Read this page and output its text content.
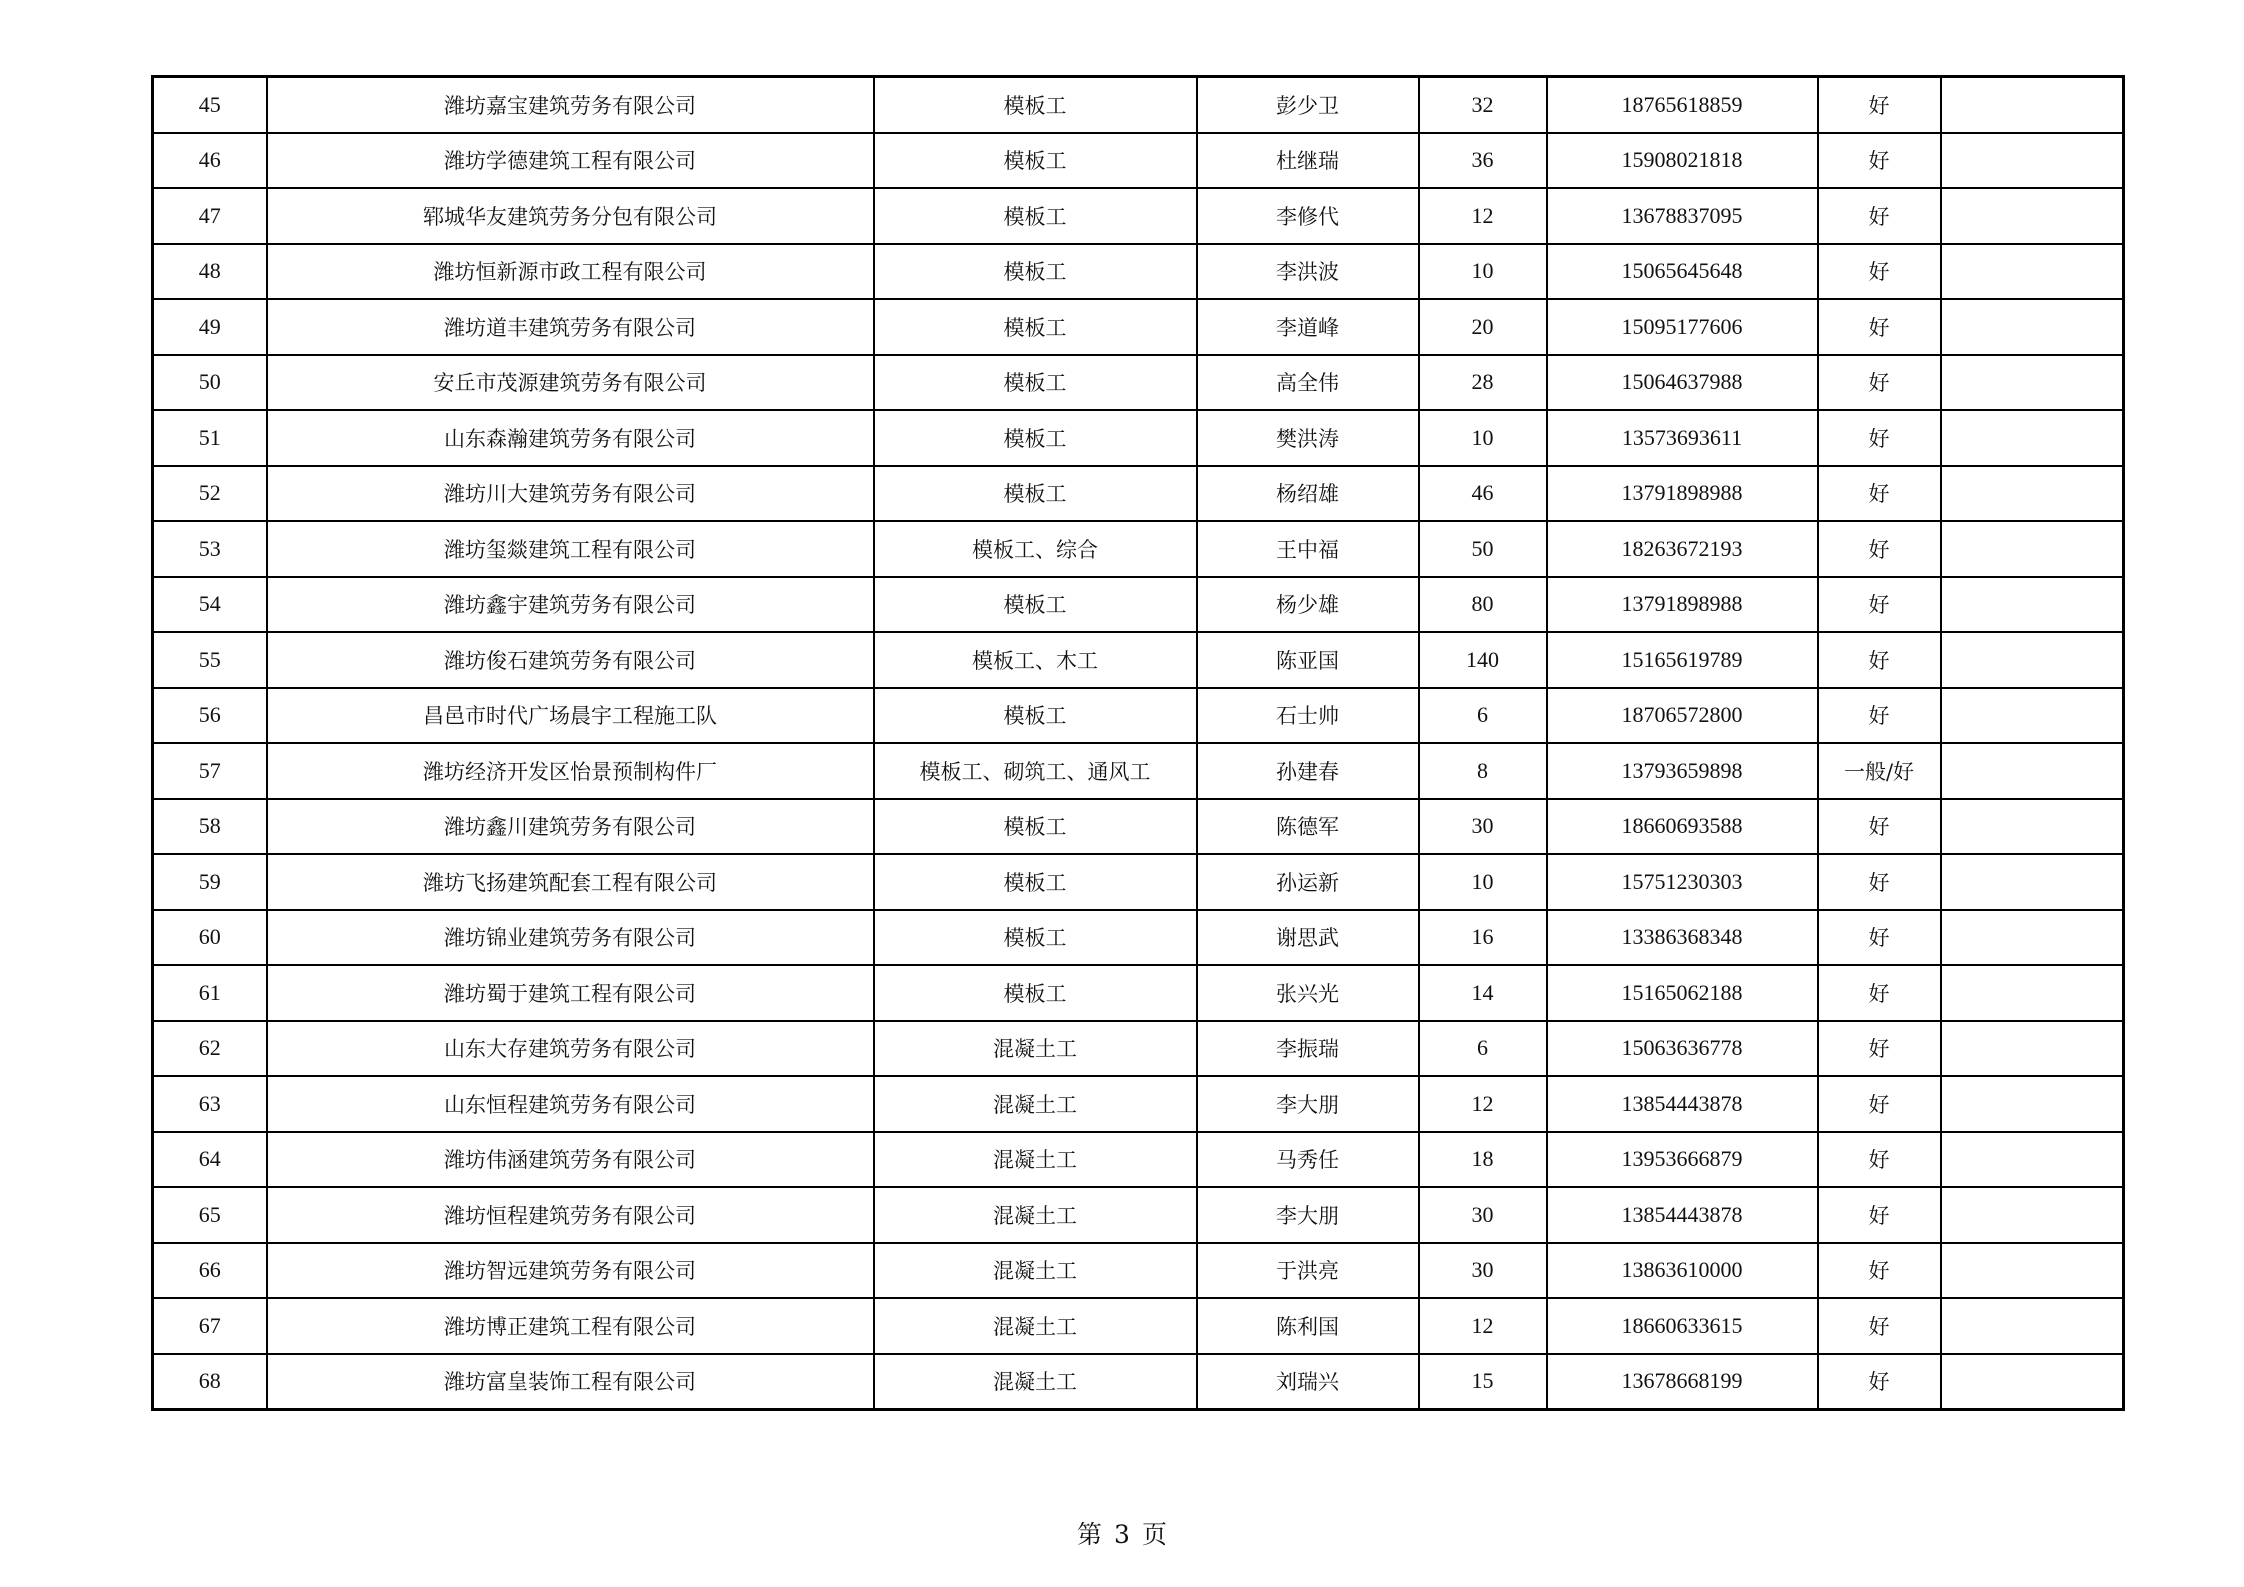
45	潍坊嘉宝建筑劳务有限公司	模板工	彭少卫	32	18765618859	好	
46	潍坊学德建筑工程有限公司	模板工	杜继瑞	36	15908021818	好	
47	郓城华友建筑劳务分包有限公司	模板工	李修代	12	13678837095	好	
48	潍坊恒新源市政工程有限公司	模板工	李洪波	10	15065645648	好	
49	潍坊道丰建筑劳务有限公司	模板工	李道峰	20	15095177606	好	
50	安丘市茂源建筑劳务有限公司	模板工	高全伟	28	15064637988	好	
51	山东森瀚建筑劳务有限公司	模板工	樊洪涛	10	13573693611	好	
52	潍坊川大建筑劳务有限公司	模板工	杨绍雄	46	13791898988	好	
53	潍坊玺燚建筑工程有限公司	模板工、综合	王中福	50	18263672193	好	
54	潍坊鑫宇建筑劳务有限公司	模板工	杨少雄	80	13791898988	好	
55	潍坊俊石建筑劳务有限公司	模板工、木工	陈亚国	140	15165619789	好	
56	昌邑市时代广场晨宇工程施工队	模板工	石士帅	6	18706572800	好	
57	潍坊经济开发区怡景预制构件厂	模板工、砌筑工、通风工	孙建春	8	13793659898	一般/好	
58	潍坊鑫川建筑劳务有限公司	模板工	陈德军	30	18660693588	好	
59	潍坊飞扬建筑配套工程有限公司	模板工	孙运新	10	15751230303	好	
60	潍坊锦业建筑劳务有限公司	模板工	谢思武	16	13386368348	好	
61	潍坊蜀于建筑工程有限公司	模板工	张兴光	14	15165062188	好	
62	山东大存建筑劳务有限公司	混凝土工	李振瑞	6	15063636778	好	
63	山东恒程建筑劳务有限公司	混凝土工	李大朋	12	13854443878	好	
64	潍坊伟涵建筑劳务有限公司	混凝土工	马秀任	18	13953666879	好	
65	潍坊恒程建筑劳务有限公司	混凝土工	李大朋	30	13854443878	好	
66	潍坊智远建筑劳务有限公司	混凝土工	于洪亮	30	13863610000	好	
67	潍坊博正建筑工程有限公司	混凝土工	陈利国	12	18660633615	好	
68	潍坊富皇装饰工程有限公司	混凝土工	刘瑞兴	15	13678668199	好	
第 3 页
